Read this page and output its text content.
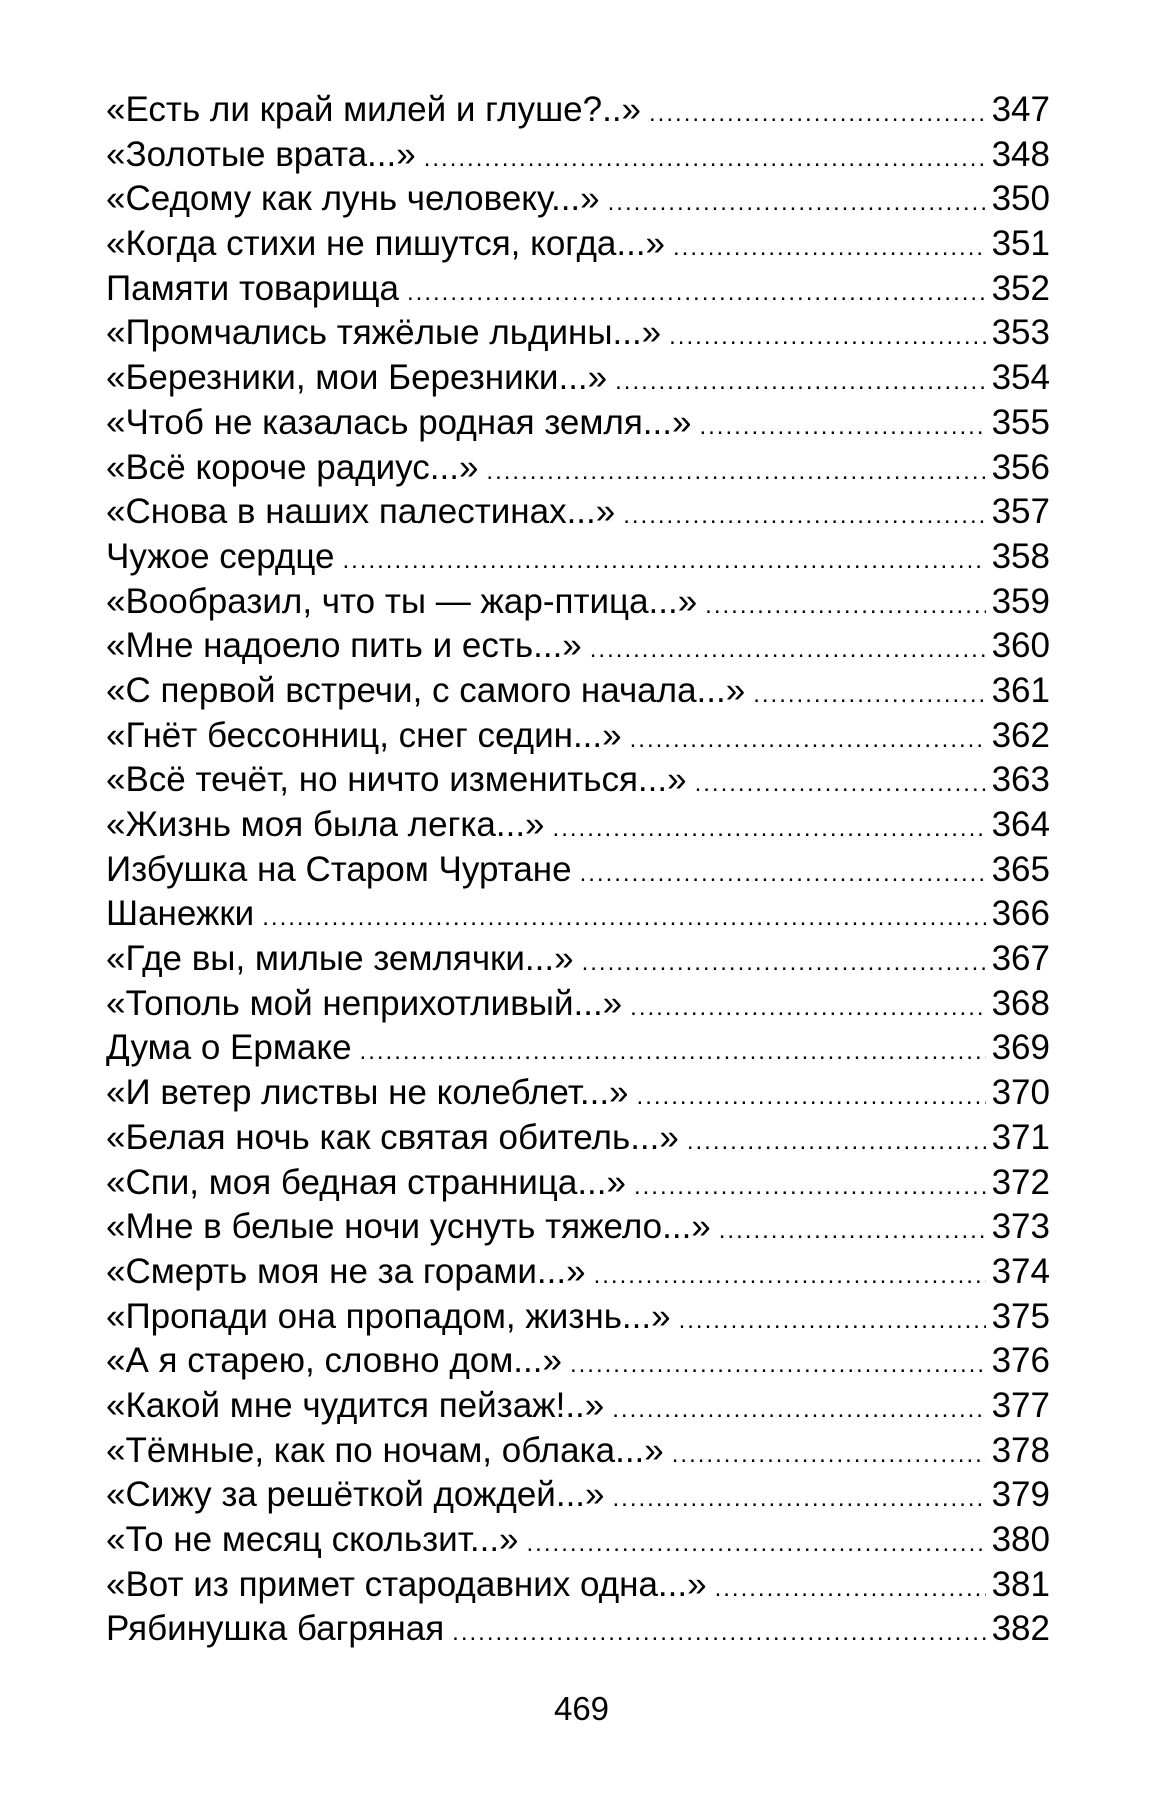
«Есть ли край милей и глуше?..» .....	347
«Золотые врата...» .....	348
«Седому как лунь человеку...» .....	350
«Когда стихи не пишутся, когда...» .....	351
Памяти товарища .....	352
«Промчались тяжёлые льдины...» .....	353
«Березники, мои Березники...» .....	354
«Чтоб не казалась родная земля...» .....	355
«Всё короче радиус...» .....	356
«Снова в наших палестинах...» .....	357
Чужое сердце .....	358
«Вообразил, что ты — жар-птица...» .....	359
«Мне надоело пить и есть...» .....	360
«С первой встречи, с самого начала...» .....	361
«Гнёт бессонниц, снег седин...» .....	362
«Всё течёт, но ничто измениться...» .....	363
«Жизнь моя была легка...» .....	364
Избушка на Старом Чуртане .....	365
Шанежки .....	366
«Где вы, милые землячки...» .....	367
«Тополь мой неприхотливый...» .....	368
Дума о Ермаке .....	369
«И ветер листвы не колеблет...» .....	370
«Белая ночь как святая обитель...» .....	371
«Спи, моя бедная странница...» .....	372
«Мне в белые ночи уснуть тяжело...» .....	373
«Смерть моя не за горами...» .....	374
«Пропади она пропадом, жизнь...» .....	375
«А я старею, словно дом...» .....	376
«Какой мне чудится пейзаж!..» .....	377
«Тёмные, как по ночам, облака...» .....	378
«Сижу за решёткой дождей...» .....	379
«То не месяц скользит...» .....	380
«Вот из примет стародавних одна...» .....	381
Рябинушка багряная .....	382
469
